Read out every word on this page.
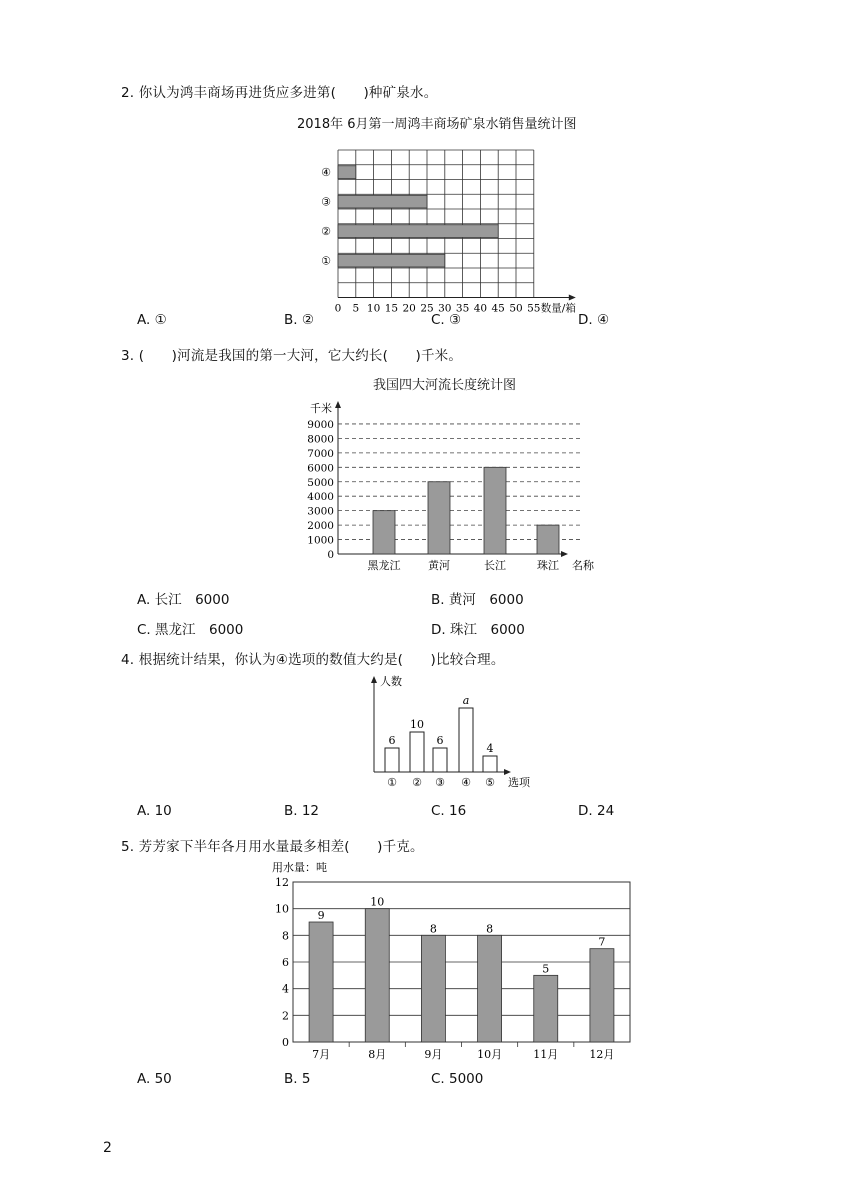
2. 你认为鸿丰商场再进货应多进第(　　)种矿泉水。
2018年 6月第一周鸿丰商场矿泉水销售量统计图
④
③
②
①
0 5 10 15 20 25 30 35 40 45 50 55 数量/箱
A. ①	B. ②	C. ③	D. ④
3. (　　)河流是我国的第一大河，它大约长(　　)千米。
我国四大河流长度统计图
0
1000
2000
3000
4000
5000
6000
7000
8000
9000
千米
黑龙江	黄河	长江	珠江 名称
A. 长江　6000	B. 黄河　6000
C. 黑龙江　6000	D. 珠江　6000
4. 根据统计结果，你认为④选项的数值大约是(　　)比较合理。
人数
6
①
10
②
6
③
a
④
4
⑤ 选项
A. 10	B. 12	C. 16	D. 24
5. 芳芳家下半年各月用水量最多相差(　　)千克。
0
2
4
6
8
10
12
用水量：吨
9
7月
10
8月
8
9月
8
10月
5
11月
7
12月
A. 50	B. 5	C. 5000
2
